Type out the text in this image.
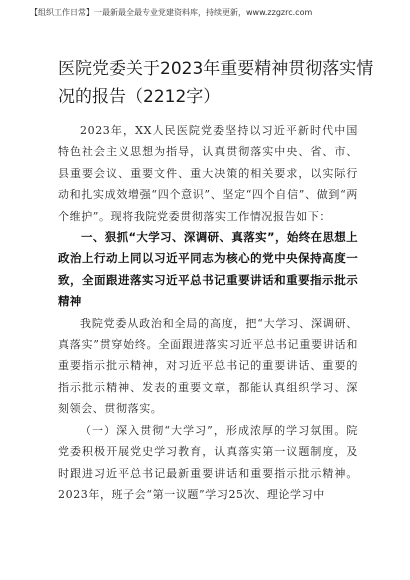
【组织工作日常】一最新最全最专业党建资料库，持续更新，www.zzgzrc.com
医院党委关于2023年重要精神贯彻落实情况的报告（2212字）

2023年，XX人民医院党委坚持以习近平新时代中国特色社会主义思想为指导，认真贯彻落实中央、省、市、县重要会议、重要文件、重大决策的相关要求，以实际行动和扎实成效增强“四个意识”、坚定“四个自信”、做到“两个维护”。现将我院党委贯彻落实工作情况报告如下：

一、狠抓“大学习、深调研、真落实”，始终在思想上政治上行动上同以习近平同志为核心的党中央保持高度一致，全面跟进落实习近平总书记重要讲话和重要指示批示精神

我院党委从政治和全局的高度，把“大学习、深调研、真落实”贯穿始终。全面跟进落实习近平总书记重要讲话和重要指示批示精神，对习近平总书记的重要讲话、重要的指示批示精神、发表的重要文章，都能认真组织学习、深刻领会、贯彻落实。

（一）深入贯彻“大学习”，形成浓厚的学习氛围。院党委积极开展党史学习教育，认真落实第一议题制度，及时跟进习近平总书记最新重要讲话和重要指示批示精神。2023年，班子会“第一议题”学习25次、理论学习中
